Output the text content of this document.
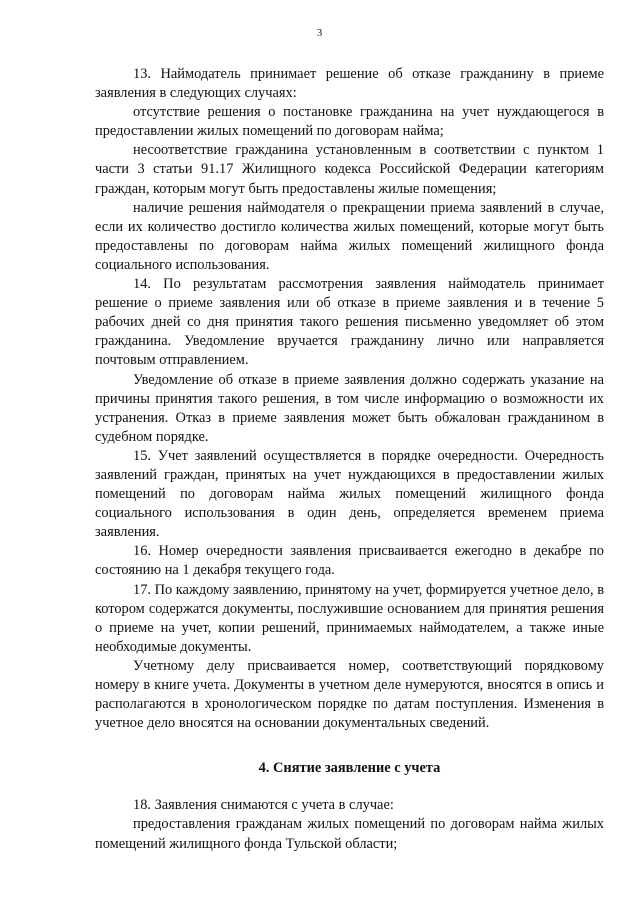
3

13. Наймодатель принимает решение об отказе гражданину в приеме заявления в следующих случаях:

отсутствие решения о постановке гражданина на учет нуждающегося в предоставлении жилых помещений по договорам найма;

несоответствие гражданина установленным в соответствии с пунктом 1 части 3 статьи 91.17 Жилищного кодекса Российской Федерации категориям граждан, которым могут быть предоставлены жилые помещения;

наличие решения наймодателя о прекращении приема заявлений в случае, если их количество достигло количества жилых помещений, которые могут быть предоставлены по договорам найма жилых помещений жилищного фонда социального использования.

14. По результатам рассмотрения заявления наймодатель принимает решение о приеме заявления или об отказе в приеме заявления и в течение 5 рабочих дней со дня принятия такого решения письменно уведомляет об этом гражданина. Уведомление вручается гражданину лично или направляется почтовым отправлением.

Уведомление об отказе в приеме заявления должно содержать указание на причины принятия такого решения, в том числе информацию о возможности их устранения. Отказ в приеме заявления может быть обжалован гражданином в судебном порядке.

15. Учет заявлений осуществляется в порядке очередности. Очередность заявлений граждан, принятых на учет нуждающихся в предоставлении жилых помещений по договорам найма жилых помещений жилищного фонда социального использования в один день, определяется временем приема заявления.

16. Номер очередности заявления присваивается ежегодно в декабре по состоянию на 1 декабря текущего года.

17. По каждому заявлению, принятому на учет, формируется учетное дело, в котором содержатся документы, послужившие основанием для принятия решения о приеме на учет, копии решений, принимаемых наймодателем, а также иные необходимые документы.

Учетному делу присваивается номер, соответствующий порядковому номеру в книге учета. Документы в учетном деле нумеруются, вносятся в опись и располагаются в хронологическом порядке по датам поступления. Изменения в учетное дело вносятся на основании документальных сведений.

4. Снятие заявление с учета

18. Заявления снимаются с учета в случае:

предоставления гражданам жилых помещений по договорам найма жилых помещений жилищного фонда Тульской области;
